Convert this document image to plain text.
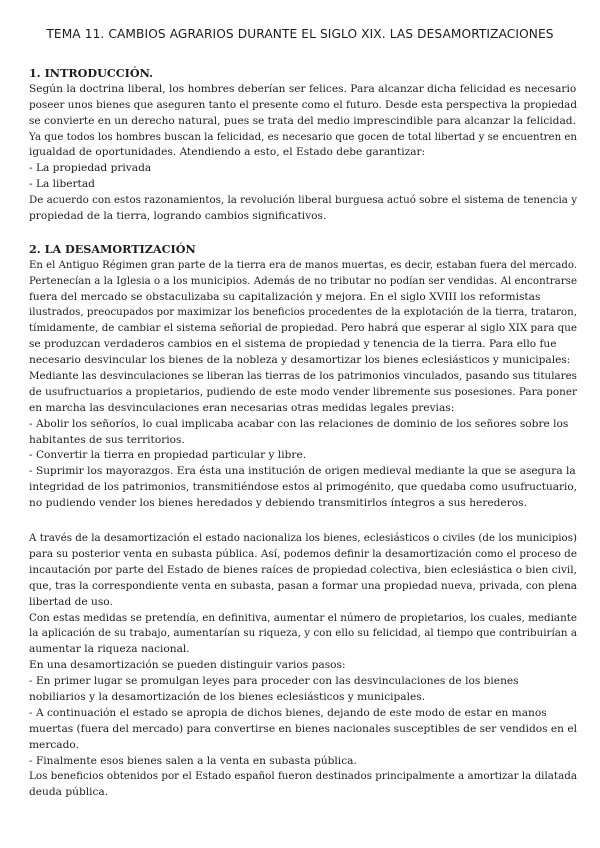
TEMA 11. CAMBIOS AGRARIOS DURANTE EL SIGLO XIX. LAS DESAMORTIZACIONES
1. INTRODUCCIÓN.
Según la doctrina liberal, los hombres deberían ser felices. Para alcanzar dicha felicidad es necesario
poseer unos bienes que aseguren tanto el presente como el futuro. Desde esta perspectiva la propiedad
se convierte en un derecho natural, pues se trata del medio imprescindible para alcanzar la felicidad.
Ya que todos los hombres buscan la felicidad, es necesario que gocen de total libertad y se encuentren en
igualdad de oportunidades. Atendiendo a esto, el Estado debe garantizar:
- La propiedad privada
- La libertad
De acuerdo con estos razonamientos, la revolución liberal burguesa actuó sobre el sistema de tenencia y
propiedad de la tierra, logrando cambios significativos.
2. LA DESAMORTIZACIÓN
En el Antiguo Régimen gran parte de la tierra era de manos muertas, es decir, estaban fuera del mercado.
Pertenecían a la Iglesia o a los municipios. Además de no tributar no podían ser vendidas. Al encontrarse
fuera del mercado se obstaculizaba su capitalización y mejora. En el siglo XVIII los reformistas
ilustrados, preocupados por maximizar los beneficios procedentes de la explotación de la tierra, trataron,
tímidamente, de cambiar el sistema señorial de propiedad. Pero habrá que esperar al siglo XIX para que
se produzcan verdaderos cambios en el sistema de propiedad y tenencia de la tierra. Para ello fue
necesario desvincular los bienes de la nobleza y desamortizar los bienes eclesiásticos y municipales:
Mediante las desvinculaciones se liberan las tierras de los patrimonios vinculados, pasando sus titulares
de usufructuarios a propietarios, pudiendo de este modo vender libremente sus posesiones. Para poner
en marcha las desvinculaciones eran necesarias otras medidas legales previas:
- Abolir los señoríos, lo cual implicaba acabar con las relaciones de dominio de los señores sobre los
habitantes de sus territorios.
- Convertir la tierra en propiedad particular y libre.
- Suprimir los mayorazgos. Era ésta una institución de origen medieval mediante la que se asegura la
integridad de los patrimonios, transmitiéndose estos al primogénito, que quedaba como usufructuario,
no pudiendo vender los bienes heredados y debiendo transmitirlos íntegros a sus herederos.
A través de la desamortización el estado nacionaliza los bienes, eclesiásticos o civiles (de los municipios)
para su posterior venta en subasta pública. Así, podemos definir la desamortización como el proceso de
incautación por parte del Estado de bienes raíces de propiedad colectiva, bien eclesiástica o bien civil,
que, tras la correspondiente venta en subasta, pasan a formar una propiedad nueva, privada, con plena
libertad de uso.
Con estas medidas se pretendía, en definitiva, aumentar el número de propietarios, los cuales, mediante
la aplicación de su trabajo, aumentarían su riqueza, y con ello su felicidad, al tiempo que contribuirían a
aumentar la riqueza nacional.
En una desamortización se pueden distinguir varios pasos:
- En primer lugar se promulgan leyes para proceder con las desvinculaciones de los bienes
nobiliarios y la desamortización de los bienes eclesiásticos y municipales.
- A continuación el estado se apropia de dichos bienes, dejando de este modo de estar en manos
muertas (fuera del mercado) para convertirse en bienes nacionales susceptibles de ser vendidos en el
mercado.
- Finalmente esos bienes salen a la venta en subasta pública.
Los beneficios obtenidos por el Estado español fueron destinados principalmente a amortizar la dilatada
deuda pública.
